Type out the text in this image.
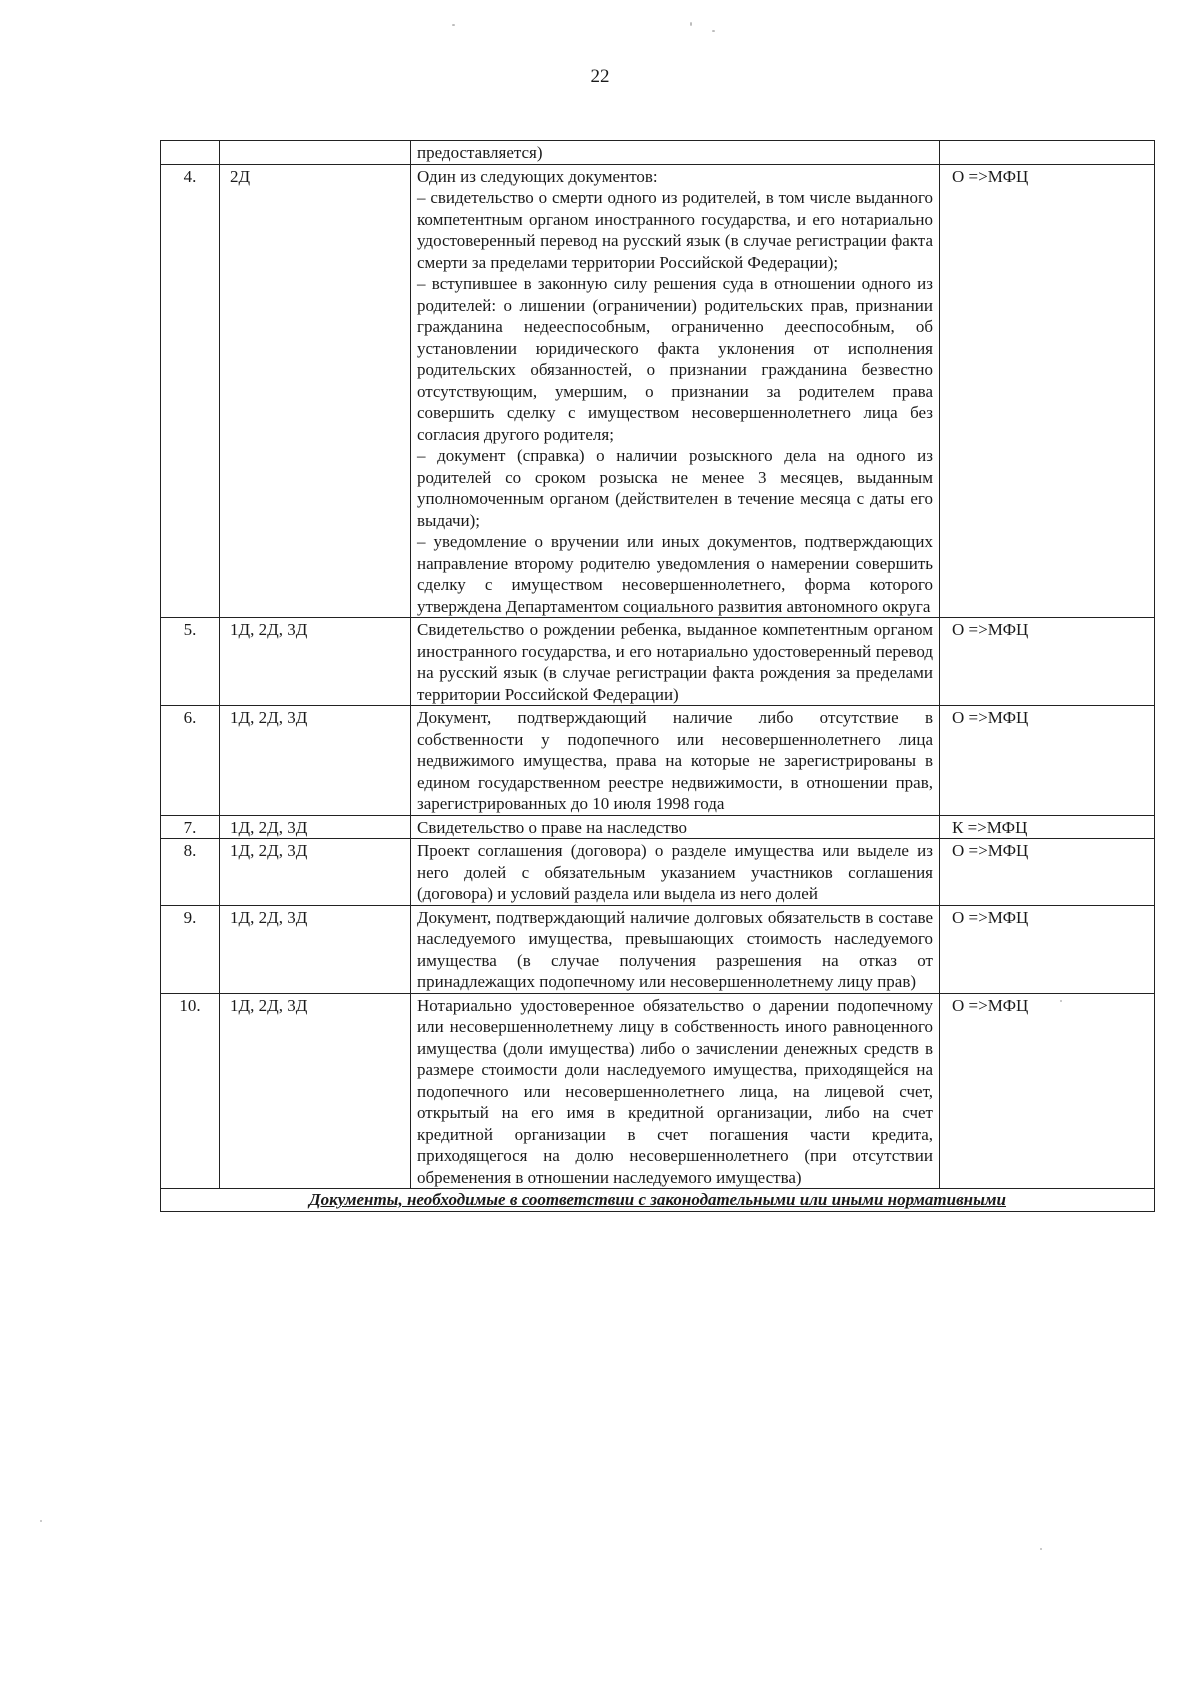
22

		предоставляется)	

4.	2Д	Один из следующих документов:
– свидетельство о смерти одного из родителей, в том числе выданного компетентным органом иностранного государства, и его нотариально удостоверенный перевод на русский язык (в случае регистрации факта смерти за пределами территории Российской Федерации);
– вступившее в законную силу решения суда в отношении одного из родителей: о лишении (ограничении) родительских прав, признании гражданина недееспособным, ограниченно дееспособным, об установлении юридического факта уклонения от исполнения родительских обязанностей, о признании гражданина безвестно отсутствующим, умершим, о признании за родителем права совершить сделку с имуществом несовершеннолетнего лица без согласия другого родителя;
– документ (справка) о наличии розыскного дела на одного из родителей со сроком розыска не менее 3 месяцев, выданным уполномоченным органом (действителен в течение месяца с даты его выдачи);
– уведомление о вручении или иных документов, подтверждающих направление второму родителю уведомления о намерении совершить сделку с имуществом несовершеннолетнего, форма которого утверждена Департаментом социального развития автономного округа	О =>МФЦ
5.	1Д, 2Д, 3Д	Свидетельство о рождении ребенка, выданное компетентным органом иностранного государства, и его нотариально удостоверенный перевод на русский язык (в случае регистрации факта рождения за пределами территории Российской Федерации)	О =>МФЦ
6.	1Д, 2Д, 3Д	Документ, подтверждающий наличие либо отсутствие в собственности у подопечного или несовершеннолетнего лица недвижимого имущества, права на которые не зарегистрированы в едином государственном реестре недвижимости, в отношении прав, зарегистрированных до 10 июля 1998 года	О =>МФЦ
7.	1Д, 2Д, 3Д	Свидетельство о праве на наследство	К =>МФЦ
8.	1Д, 2Д, 3Д	Проект соглашения (договора) о разделе имущества или выделе из него долей с обязательным указанием участников соглашения (договора) и условий раздела или выдела из него долей	О =>МФЦ
9.	1Д, 2Д, 3Д	Документ, подтверждающий наличие долговых обязательств в составе наследуемого имущества, превышающих стоимость наследуемого имущества (в случае получения разрешения на отказ от принадлежащих подопечному или несовершеннолетнему лицу прав)	О =>МФЦ
10.	1Д, 2Д, 3Д	Нотариально удостоверенное обязательство о дарении подопечному или несовершеннолетнему лицу в собственность иного равноценного имущества (доли имущества) либо о зачислении денежных средств в размере стоимости доли наследуемого имущества, приходящейся на подопечного или несовершеннолетнего лица, на лицевой счет, открытый на его имя в кредитной организации, либо на счет кредитной организации в счет погашения части кредита, приходящегося на долю несовершеннолетнего (при отсутствии обременения в отношении наследуемого имущества)	О =>МФЦ
Документы, необходимые в соответствии с законодательными или иными нормативными			
